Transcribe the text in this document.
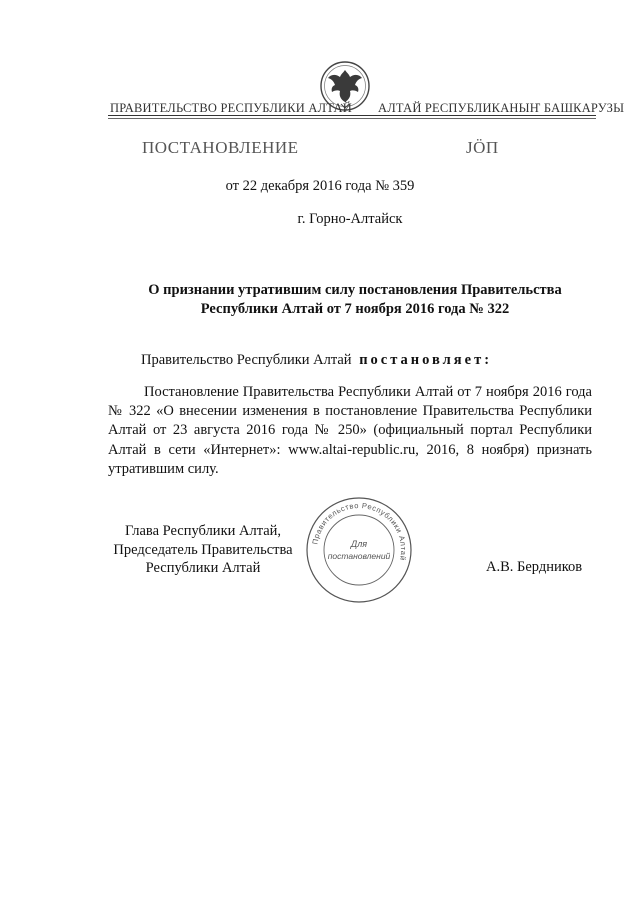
ПРАВИТЕЛЬСТВО РЕСПУБЛИКИ АЛТАЙ АЛТАЙ РЕСПУБЛИКАНЫҤ БАШКАРУЗЫ
ПОСТАНОВЛЕНИЕ	ЈӦП
от 22 декабря 2016 года № 359
г. Горно-Алтайск
О признании утратившим силу постановления Правительства
Республики Алтай от 7 ноября 2016 года № 322
Правительство Республики Алтай постановляет:
Постановление Правительства Республики Алтай от 7 ноября 2016 года № 322 «О внесении изменения в постановление Правительства Республики Алтай от 23 августа 2016 года № 250» (официальный портал Республики Алтай в сети «Интернет»: www.altai-republic.ru, 2016, 8 ноября) признать утратившим силу.
Глава Республики Алтай,
Председатель Правительства
Республики Алтай	А.В. Бердников
Правительство Республики Алтай
Для
постановлений
